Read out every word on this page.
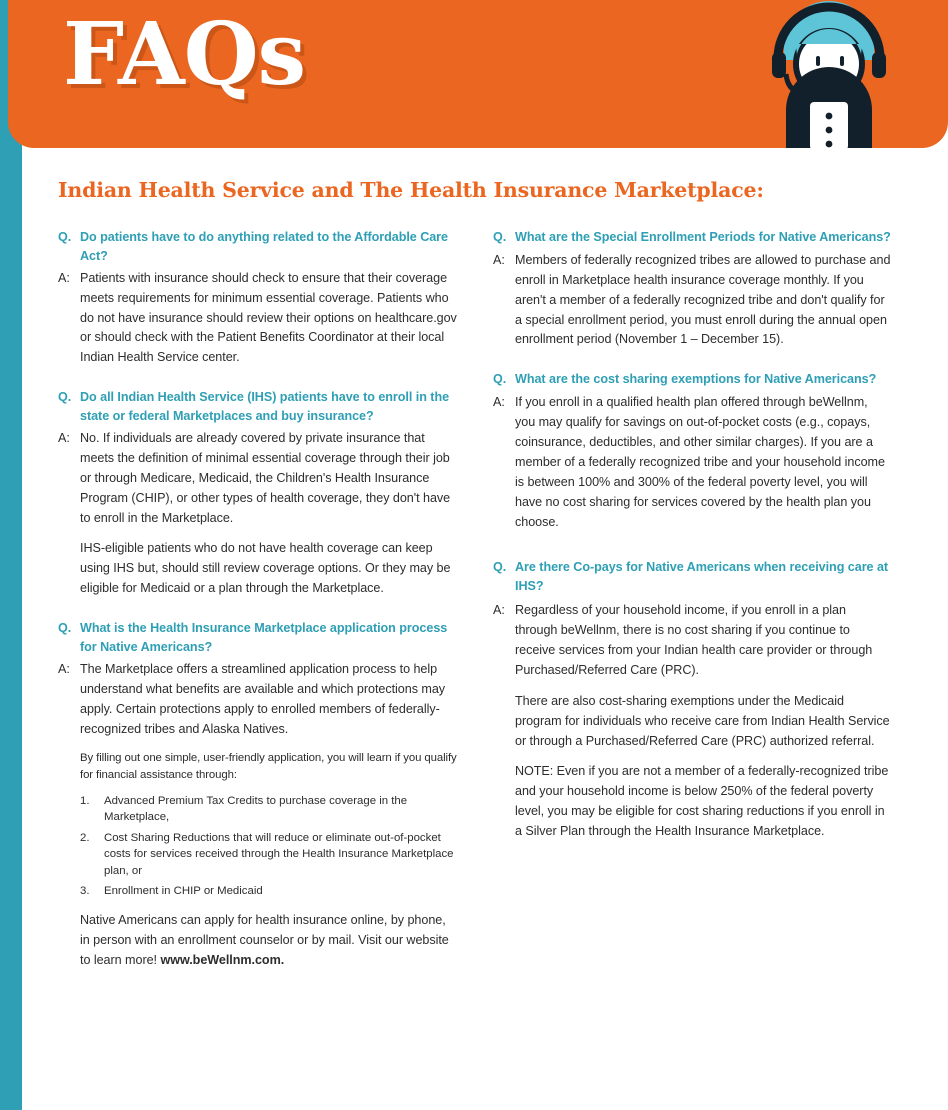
FAQs
Indian Health Service and The Health Insurance Marketplace:
Q. Do patients have to do anything related to the Affordable Care Act?
A: Patients with insurance should check to ensure that their coverage meets requirements for minimum essential coverage. Patients who do not have insurance should review their options on healthcare.gov or should check with the Patient Benefits Coordinator at their local Indian Health Service center.
Q. Do all Indian Health Service (IHS) patients have to enroll in the state or federal Marketplaces and buy insurance?
A: No. If individuals are already covered by private insurance that meets the definition of minimal essential coverage through their job or through Medicare, Medicaid, the Children's Health Insurance Program (CHIP), or other types of health coverage, they don't have to enroll in the Marketplace.
IHS-eligible patients who do not have health coverage can keep using IHS but, should still review coverage options. Or they may be eligible for Medicaid or a plan through the Marketplace.
Q. What is the Health Insurance Marketplace application process for Native Americans?
A: The Marketplace offers a streamlined application process to help understand what benefits are available and which protections may apply. Certain protections apply to enrolled members of federally-recognized tribes and Alaska Natives.
By filling out one simple, user-friendly application, you will learn if you qualify for financial assistance through:
1.	Advanced Premium Tax Credits to purchase coverage in the Marketplace,
2.	Cost Sharing Reductions that will reduce or eliminate out-of-pocket costs for services received through the Health Insurance Marketplace plan, or
3.	Enrollment in CHIP or Medicaid
Native Americans can apply for health insurance online, by phone, in person with an enrollment counselor or by mail. Visit our website to learn more! www.beWellnm.com.
Q. What are the Special Enrollment Periods for Native Americans?
A: Members of federally recognized tribes are allowed to purchase and enroll in Marketplace health insurance coverage monthly. If you aren't a member of a federally recognized tribe and don't qualify for a special enrollment period, you must enroll during the annual open enrollment period (November 1 – December 15).
Q. What are the cost sharing exemptions for Native Americans?
A: If you enroll in a qualified health plan offered through beWellnm, you may qualify for savings on out-of-pocket costs (e.g., copays, coinsurance, deductibles, and other similar charges). If you are a member of a federally recognized tribe and your household income is between 100% and 300% of the federal poverty level, you will have no cost sharing for services covered by the health plan you choose.
Q. Are there Co-pays for Native Americans when receiving care at IHS?
A: Regardless of your household income, if you enroll in a plan through beWellnm, there is no cost sharing if you continue to receive services from your Indian health care provider or through Purchased/Referred Care (PRC).
There are also cost-sharing exemptions under the Medicaid program for individuals who receive care from Indian Health Service or through a Purchased/Referred Care (PRC) authorized referral.
NOTE: Even if you are not a member of a federally-recognized tribe and your household income is below 250% of the federal poverty level, you may be eligible for cost sharing reductions if you enroll in a Silver Plan through the Health Insurance Marketplace.
